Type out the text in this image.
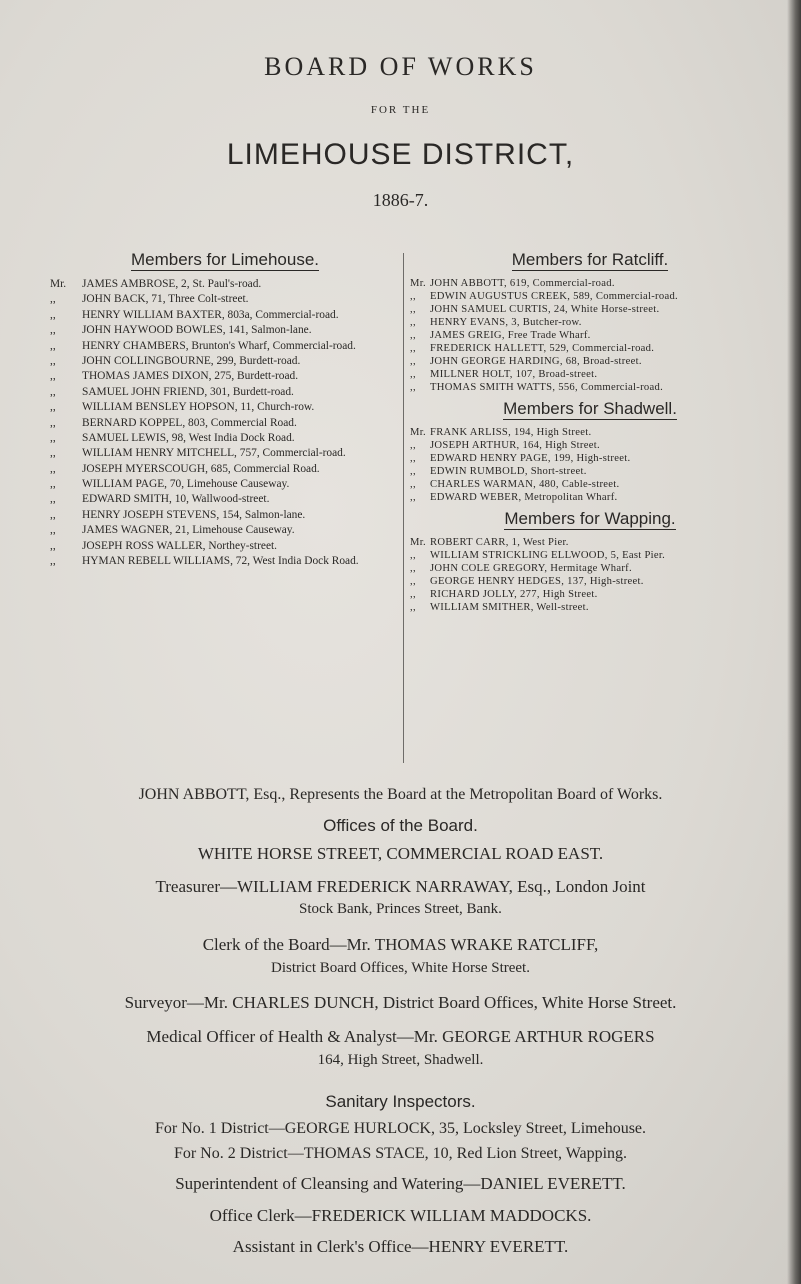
BOARD OF WORKS
FOR THE
LIMEHOUSE DISTRICT,
1886-7.
Members for Limehouse.
Mr. JAMES AMBROSE, 2, St. Paul's-road.
,, JOHN BACK, 71, Three Colt-street.
,, HENRY WILLIAM BAXTER, 803a, Commercial-road.
,, JOHN HAYWOOD BOWLES, 141, Salmon-lane.
,, HENRY CHAMBERS, Brunton's Wharf, Commercial-road.
,, JOHN COLLINGBOURNE, 299, Burdett-road.
,, THOMAS JAMES DIXON, 275, Burdett-road.
,, SAMUEL JOHN FRIEND, 301, Burdett-road.
,, WILLIAM BENSLEY HOPSON, 11, Church-row.
,, BERNARD KOPPEL, 803, Commercial Road.
,, SAMUEL LEWIS, 98, West India Dock Road.
,, WILLIAM HENRY MITCHELL, 757, Commercial-road.
,, JOSEPH MYERSCOUGH, 685, Commercial Road.
,, WILLIAM PAGE, 70, Limehouse Causeway.
,, EDWARD SMITH, 10, Wallwood-street.
,, HENRY JOSEPH STEVENS, 154, Salmon-lane.
,, JAMES WAGNER, 21, Limehouse Causeway.
,, JOSEPH ROSS WALLER, Northey-street.
,, HYMAN REBELL WILLIAMS, 72, West India Dock Road.
Members for Ratcliff.
Mr. JOHN ABBOTT, 619, Commercial-road.
,, EDWIN AUGUSTUS CREEK, 589, Commercial-road.
,, JOHN SAMUEL CURTIS, 24, White Horse-street.
,, HENRY EVANS, 3, Butcher-row.
,, JAMES GREIG, Free Trade Wharf.
,, FREDERICK HALLETT, 529, Commercial-road.
,, JOHN GEORGE HARDING, 68, Broad-street.
,, MILLNER HOLT, 107, Broad-street.
,, THOMAS SMITH WATTS, 556, Commercial-road.
Members for Shadwell.
Mr. FRANK ARLISS, 194, High Street.
,, JOSEPH ARTHUR, 164, High Street.
,, EDWARD HENRY PAGE, 199, High-street.
,, EDWIN RUMBOLD, Short-street.
,, CHARLES WARMAN, 480, Cable-street.
,, EDWARD WEBER, Metropolitan Wharf.
Members for Wapping.
Mr. ROBERT CARR, 1, West Pier.
,, WILLIAM STRICKLING ELLWOOD, 5, East Pier.
,, JOHN COLE GREGORY, Hermitage Wharf.
,, GEORGE HENRY HEDGES, 137, High-street.
,, RICHARD JOLLY, 277, High Street.
,, WILLIAM SMITHER, Well-street.
JOHN ABBOTT, Esq., Represents the Board at the Metropolitan Board of Works.
Offices of the Board.
WHITE HORSE STREET, COMMERCIAL ROAD EAST.
Treasurer—WILLIAM FREDERICK NARRAWAY, Esq., London Joint
Stock Bank, Princes Street, Bank.
Clerk of the Board—Mr. THOMAS WRAKE RATCLIFF,
District Board Offices, White Horse Street.
Surveyor—Mr. CHARLES DUNCH, District Board Offices, White Horse Street.
Medical Officer of Health & Analyst—Mr. GEORGE ARTHUR ROGERS
164, High Street, Shadwell.
Sanitary Inspectors.
For No. 1 District—GEORGE HURLOCK, 35, Locksley Street, Limehouse.
For No. 2 District—THOMAS STACE, 10, Red Lion Street, Wapping.
Superintendent of Cleansing and Watering—DANIEL EVERETT.
Office Clerk—FREDERICK WILLIAM MADDOCKS.
Assistant in Clerk's Office—HENRY EVERETT.
